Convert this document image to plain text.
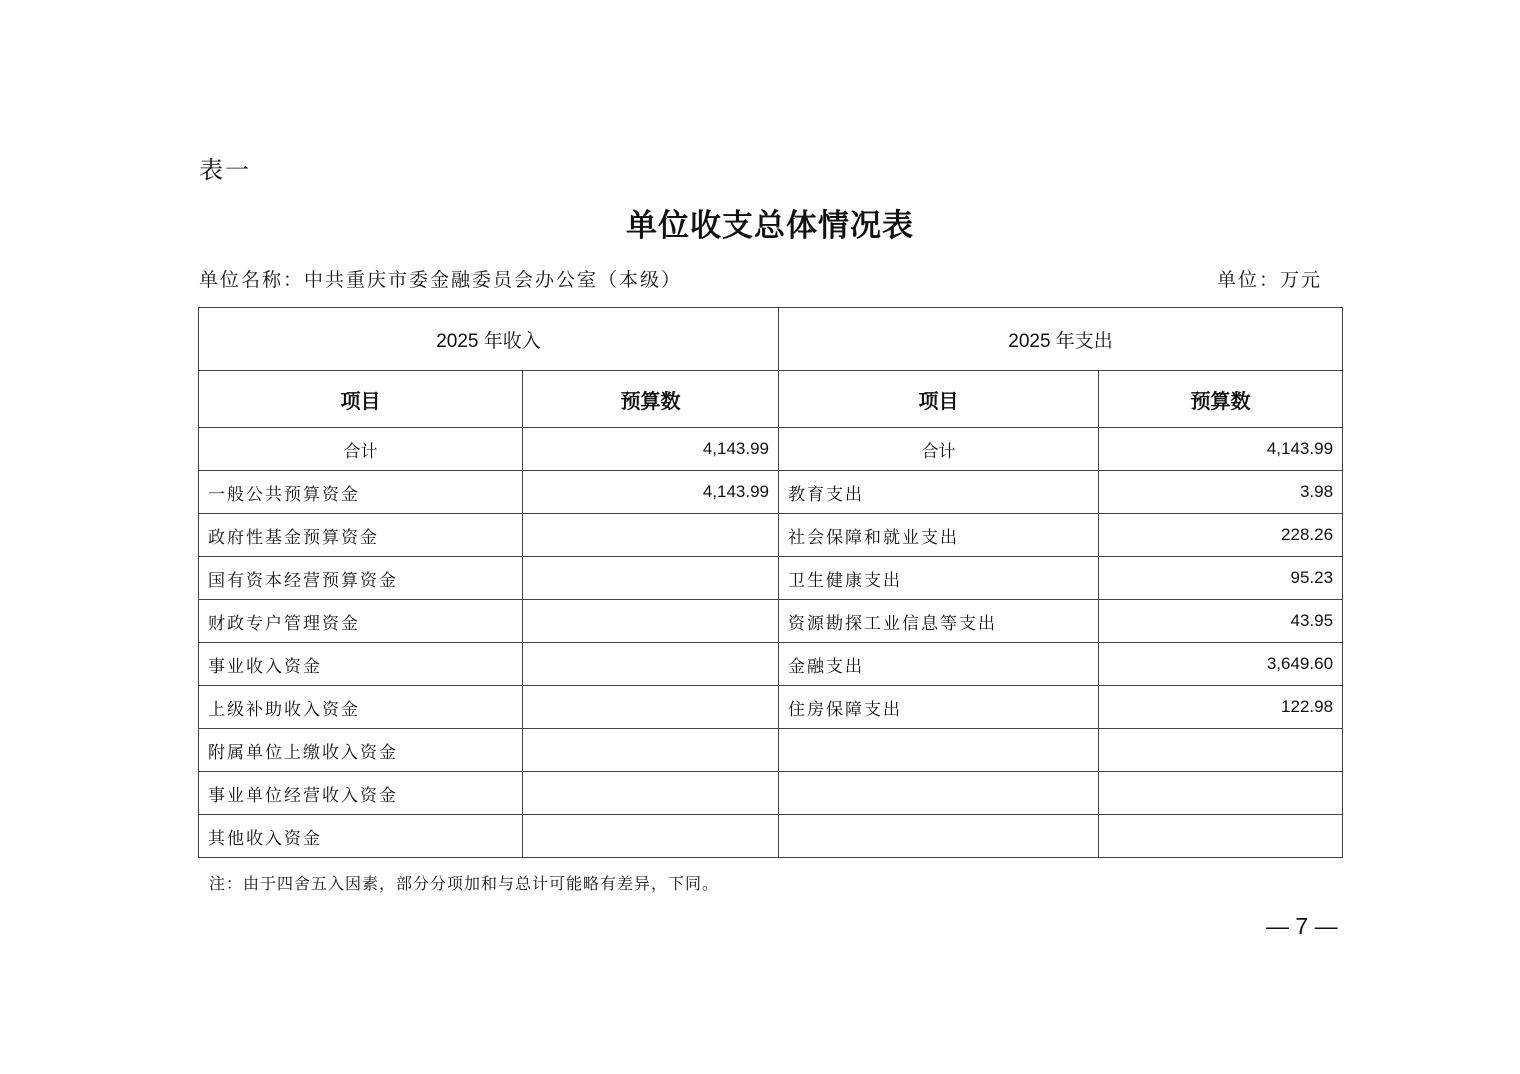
表一
单位收支总体情况表
单位名称：中共重庆市委金融委员会办公室（本级）	单位：万元
2025 年收入		2025 年支出	
项目	预算数	项目	预算数
合计	4,143.99	合计	4,143.99
一般公共预算资金	4,143.99	教育支出	3.98
政府性基金预算资金		社会保障和就业支出	228.26
国有资本经营预算资金		卫生健康支出	95.23
财政专户管理资金		资源勘探工业信息等支出	43.95
事业收入资金		金融支出	3,649.60
上级补助收入资金		住房保障支出	122.98
附属单位上缴收入资金			
事业单位经营收入资金			
其他收入资金			
注：由于四舍五入因素，部分分项加和与总计可能略有差异，下同。
— 7 —
